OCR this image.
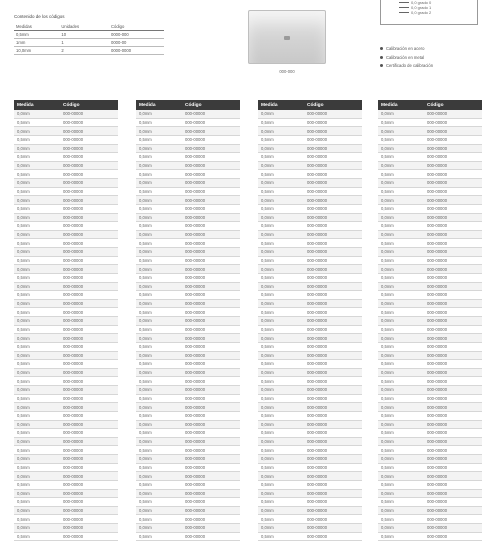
Contenido de los códigos
Medidas	Unidades	Código
0,5mm	10	0000-000
1mm	1	0000-00
10,0mm	2	0000-0000
000-000
0,0 grado 0
0,0 grado 1
0,0 grado 2
Calibración en acero
Calibración en metal
Certificado de calibración
Medida	Código
0,0mm	000-00000
0,5mm	000-00000
0,0mm	000-00000
0,5mm	000-00000
0,0mm	000-00000
0,5mm	000-00000
0,0mm	000-00000
0,5mm	000-00000
0,0mm	000-00000
0,5mm	000-00000
0,0mm	000-00000
0,5mm	000-00000
0,0mm	000-00000
0,5mm	000-00000
0,0mm	000-00000
0,5mm	000-00000
0,0mm	000-00000
0,5mm	000-00000
0,0mm	000-00000
0,5mm	000-00000
0,0mm	000-00000
0,5mm	000-00000
0,0mm	000-00000
0,5mm	000-00000
0,0mm	000-00000
0,5mm	000-00000
0,0mm	000-00000
0,5mm	000-00000
0,0mm	000-00000
0,5mm	000-00000
0,0mm	000-00000
0,5mm	000-00000
0,0mm	000-00000
0,5mm	000-00000
0,0mm	000-00000
0,5mm	000-00000
0,0mm	000-00000
0,5mm	000-00000
0,0mm	000-00000
0,5mm	000-00000
0,0mm	000-00000
0,5mm	000-00000
0,0mm	000-00000
0,5mm	000-00000
0,0mm	000-00000
0,5mm	000-00000
0,0mm	000-00000
0,5mm	000-00000
0,0mm	000-00000
0,5mm	000-00000
Medida	Código
0,0mm	000-00000
0,5mm	000-00000
0,0mm	000-00000
0,5mm	000-00000
0,0mm	000-00000
0,5mm	000-00000
0,0mm	000-00000
0,5mm	000-00000
0,0mm	000-00000
0,5mm	000-00000
0,0mm	000-00000
0,5mm	000-00000
0,0mm	000-00000
0,5mm	000-00000
0,0mm	000-00000
0,5mm	000-00000
0,0mm	000-00000
0,5mm	000-00000
0,0mm	000-00000
0,5mm	000-00000
0,0mm	000-00000
0,5mm	000-00000
0,0mm	000-00000
0,5mm	000-00000
0,0mm	000-00000
0,5mm	000-00000
0,0mm	000-00000
0,5mm	000-00000
0,0mm	000-00000
0,5mm	000-00000
0,0mm	000-00000
0,5mm	000-00000
0,0mm	000-00000
0,5mm	000-00000
0,0mm	000-00000
0,5mm	000-00000
0,0mm	000-00000
0,5mm	000-00000
0,0mm	000-00000
0,5mm	000-00000
0,0mm	000-00000
0,5mm	000-00000
0,0mm	000-00000
0,5mm	000-00000
0,0mm	000-00000
0,5mm	000-00000
0,0mm	000-00000
0,5mm	000-00000
0,0mm	000-00000
0,5mm	000-00000
Medida	Código
0,0mm	000-00000
0,5mm	000-00000
0,0mm	000-00000
0,5mm	000-00000
0,0mm	000-00000
0,5mm	000-00000
0,0mm	000-00000
0,5mm	000-00000
0,0mm	000-00000
0,5mm	000-00000
0,0mm	000-00000
0,5mm	000-00000
0,0mm	000-00000
0,5mm	000-00000
0,0mm	000-00000
0,5mm	000-00000
0,0mm	000-00000
0,5mm	000-00000
0,0mm	000-00000
0,5mm	000-00000
0,0mm	000-00000
0,5mm	000-00000
0,0mm	000-00000
0,5mm	000-00000
0,0mm	000-00000
0,5mm	000-00000
0,0mm	000-00000
0,5mm	000-00000
0,0mm	000-00000
0,5mm	000-00000
0,0mm	000-00000
0,5mm	000-00000
0,0mm	000-00000
0,5mm	000-00000
0,0mm	000-00000
0,5mm	000-00000
0,0mm	000-00000
0,5mm	000-00000
0,0mm	000-00000
0,5mm	000-00000
0,0mm	000-00000
0,5mm	000-00000
0,0mm	000-00000
0,5mm	000-00000
0,0mm	000-00000
0,5mm	000-00000
0,0mm	000-00000
0,5mm	000-00000
0,0mm	000-00000
0,5mm	000-00000
Medida	Código
0,0mm	000-00000
0,5mm	000-00000
0,0mm	000-00000
0,5mm	000-00000
0,0mm	000-00000
0,5mm	000-00000
0,0mm	000-00000
0,5mm	000-00000
0,0mm	000-00000
0,5mm	000-00000
0,0mm	000-00000
0,5mm	000-00000
0,0mm	000-00000
0,5mm	000-00000
0,0mm	000-00000
0,5mm	000-00000
0,0mm	000-00000
0,5mm	000-00000
0,0mm	000-00000
0,5mm	000-00000
0,0mm	000-00000
0,5mm	000-00000
0,0mm	000-00000
0,5mm	000-00000
0,0mm	000-00000
0,5mm	000-00000
0,0mm	000-00000
0,5mm	000-00000
0,0mm	000-00000
0,5mm	000-00000
0,0mm	000-00000
0,5mm	000-00000
0,0mm	000-00000
0,5mm	000-00000
0,0mm	000-00000
0,5mm	000-00000
0,0mm	000-00000
0,5mm	000-00000
0,0mm	000-00000
0,5mm	000-00000
0,0mm	000-00000
0,5mm	000-00000
0,0mm	000-00000
0,5mm	000-00000
0,0mm	000-00000
0,5mm	000-00000
0,0mm	000-00000
0,5mm	000-00000
0,0mm	000-00000
0,5mm	000-00000
